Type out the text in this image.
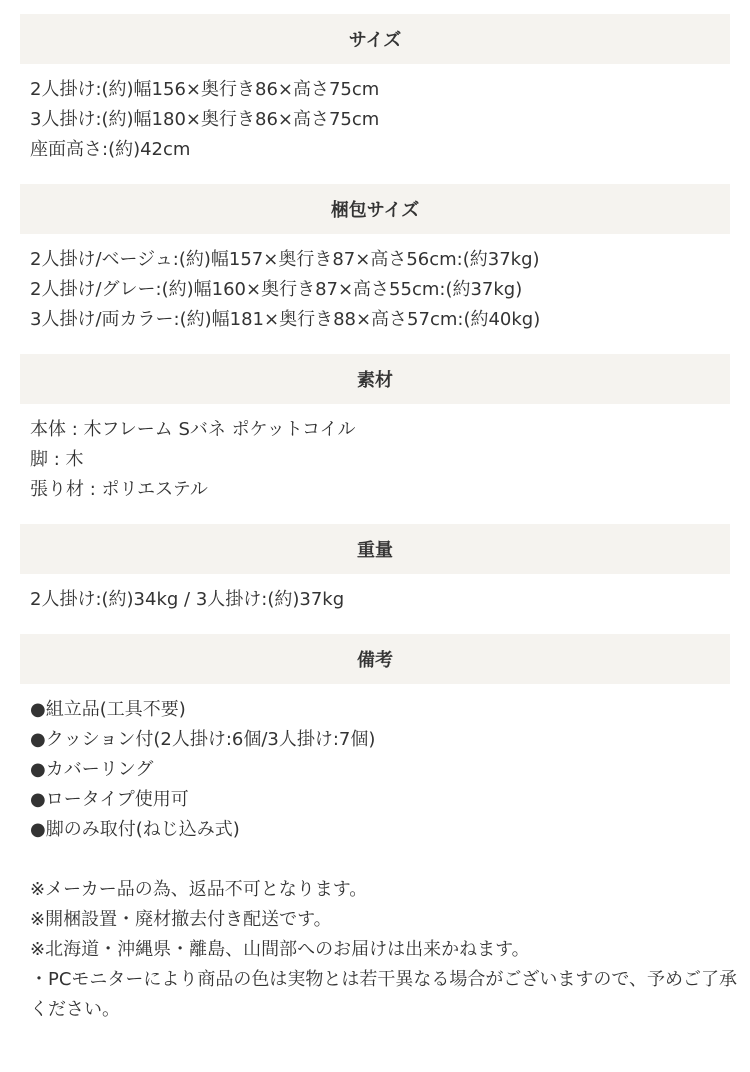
サイズ
2人掛け:(約)幅156×奥行き86×高さ75cm
3人掛け:(約)幅180×奥行き86×高さ75cm
座面高さ:(約)42cm
梱包サイズ
2人掛け/ベージュ:(約)幅157×奥行き87×高さ56cm:(約37kg)
2人掛け/グレー:(約)幅160×奥行き87×高さ55cm:(約37kg)
3人掛け/両カラー:(約)幅181×奥行き88×高さ57cm:(約40kg)
素材
本体 : 木フレーム Sバネ ポケットコイル
脚 : 木
張り材 : ポリエステル
重量
2人掛け:(約)34kg / 3人掛け:(約)37kg
備考
●組立品(工具不要)
●クッション付(2人掛け:6個/3人掛け:7個)
●カバーリング
●ロータイプ使用可
●脚のみ取付(ねじ込み式)
※メーカー品の為、返品不可となります。
※開梱設置・廃材撤去付き配送です。
※北海道・沖縄県・離島、山間部へのお届けは出来かねます。
・PCモニターにより商品の色は実物とは若干異なる場合がございますので、予めご了承ください。
